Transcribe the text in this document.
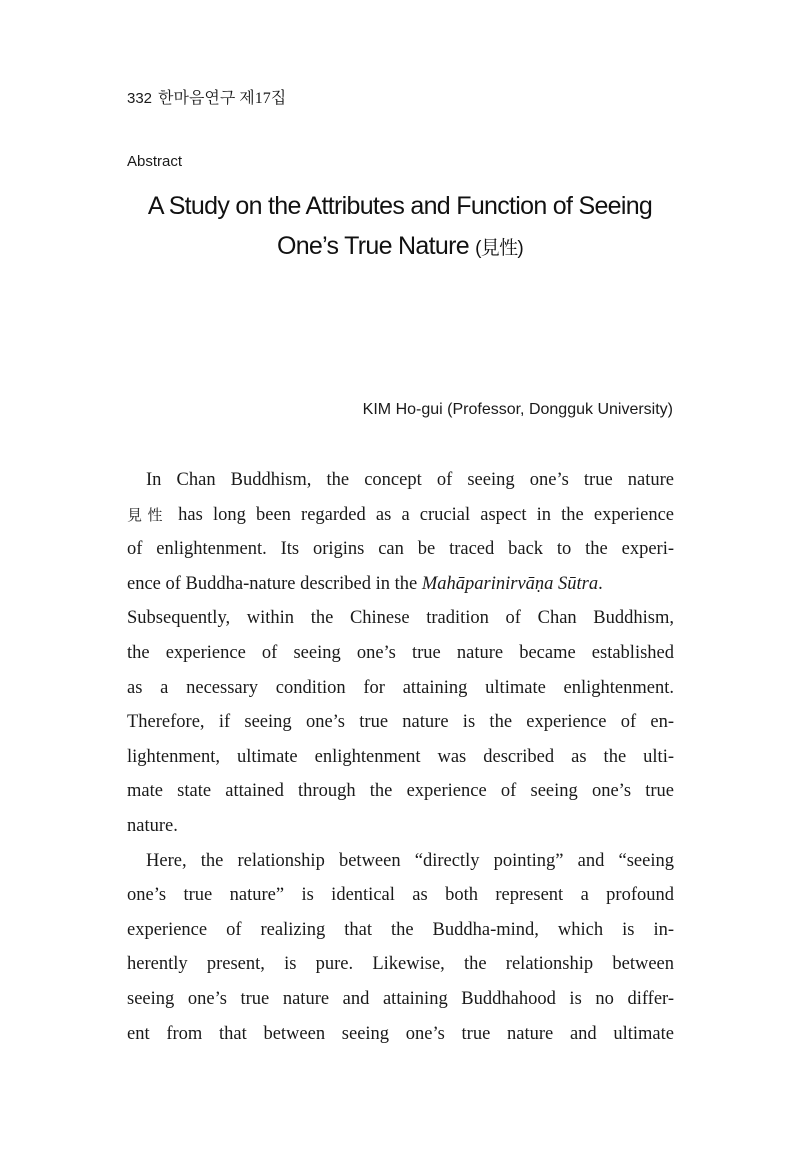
332 한마음연구 제17집
Abstract
A Study on the Attributes and Function of Seeing
One’s True Nature (見性)
KIM Ho-gui (Professor, Dongguk University)
In Chan Buddhism, the concept of seeing one’s true nature
見性 has long been regarded as a crucial aspect in the experience
of enlightenment. Its origins can be traced back to the experi-
ence of Buddha-nature described in the Mahāparinirvāṇa Sūtra.
Subsequently, within the Chinese tradition of Chan Buddhism,
the experience of seeing one’s true nature became established
as a necessary condition for attaining ultimate enlightenment.
Therefore, if seeing one’s true nature is the experience of en-
lightenment, ultimate enlightenment was described as the ulti-
mate state attained through the experience of seeing one’s true
nature.
Here, the relationship between “directly pointing” and “seeing
one’s true nature” is identical as both represent a profound
experience of realizing that the Buddha-mind, which is in-
herently present, is pure. Likewise, the relationship between
seeing one’s true nature and attaining Buddhahood is no differ-
ent from that between seeing one’s true nature and ultimate
